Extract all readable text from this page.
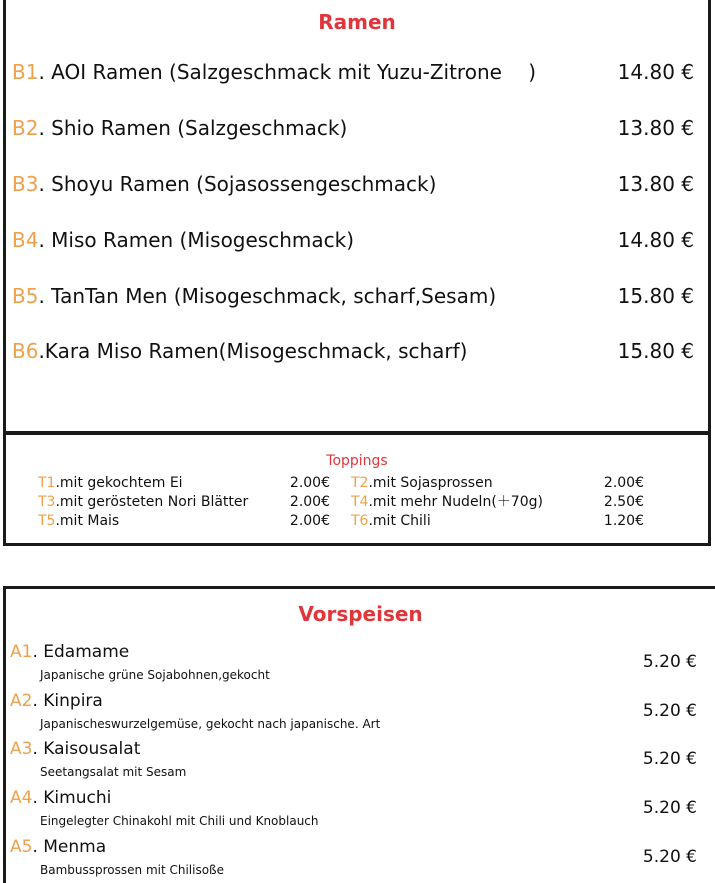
Ramen
B1. AOI Ramen (Salzgeschmack mit Yuzu-Zitrone  )	14.80 €
B2. Shio Ramen (Salzgeschmack)	13.80 €
B3. Shoyu Ramen (Sojasossengeschmack)	13.80 €
B4. Miso Ramen (Misogeschmack)	14.80 €
B5. TanTan Men (Misogeschmack, scharf,Sesam)	15.80 €
B6.Kara Miso Ramen(Misogeschmack, scharf)	15.80 €
Toppings
T1.mit gekochtem Ei	2.00€ T2.mit Sojasprossen	2.00€
T3.mit gerösteten Nori Blätter	2.00€ T4.mit mehr Nudeln(＋70g)	2.50€
T5.mit Mais	2.00€ T6.mit Chili	1.20€
Vorspeisen
A1. Edamame
Japanische grüne Sojabohnen,gekocht
5.20 €
A2. Kinpira
Japanischeswurzelgemüse, gekocht nach japanische. Art
5.20 €
A3. Kaisousalat
Seetangsalat mit Sesam
5.20 €
A4. Kimuchi
Eingelegter Chinakohl mit Chili und Knoblauch
5.20 €
A5. Menma
Bambussprossen mit Chilisoße
5.20 €
